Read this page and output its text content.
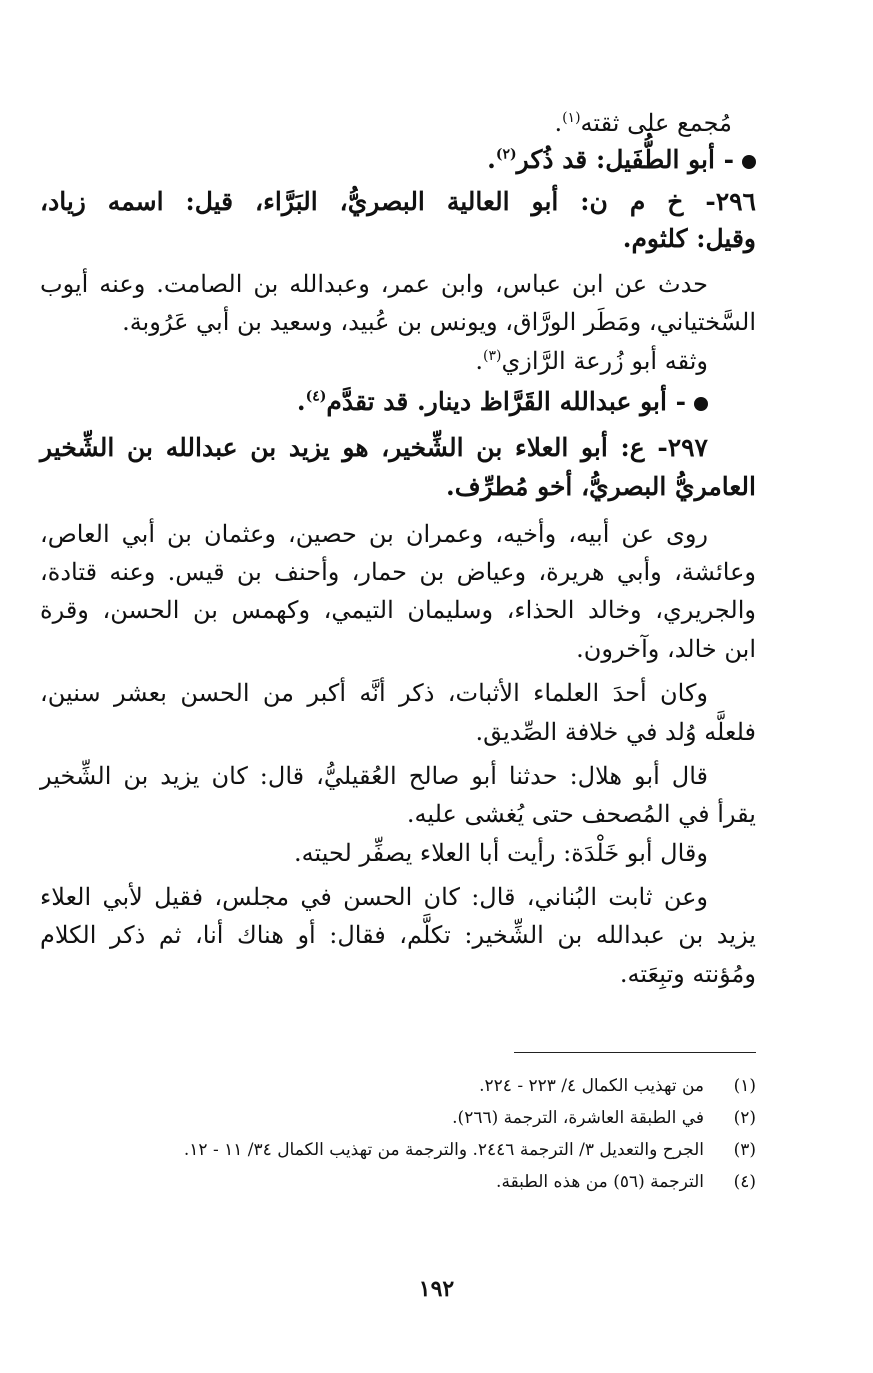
مُجمع على ثقته$^{(١)}$.

- أبو الطُّفَيل: قد ذُكر$^{(٢)}$.

٢٩٦- خ م ن: أبو العالية البصريُّ، البَرَّاء، قيل: اسمه زياد،

وقيل: كلثوم.

حدث عن ابن عباس، وابن عمر، وعبدالله بن الصامت. وعنه أيوب

السَّختياني، ومَطَر الورَّاق، ويونس بن عُبيد، وسعيد بن أبي عَرُوبة.

وثقه أبو زُرعة الرَّازي$^{(٣)}$.

- أبو عبدالله القَرَّاظ دينار. قد تقدَّم$^{(٤)}$.

٢٩٧- ع: أبو العلاء بن الشِّخير، هو يزيد بن عبدالله بن الشِّخير

العامريُّ البصريُّ، أخو مُطرِّف.

روى عن أبيه، وأخيه، وعمران بن حصين، وعثمان بن أبي العاص،

وعائشة، وأبي هريرة، وعياض بن حمار، وأحنف بن قيس. وعنه قتادة،

والجريري، وخالد الحذاء، وسليمان التيمي، وكهمس بن الحسن، وقرة

ابن خالد، وآخرون.

وكان أحدَ العلماء الأثبات، ذكر أنَّه أكبر من الحسن بعشر سنين،

فلعلَّه وُلد في خلافة الصِّديق.

قال أبو هلال: حدثنا أبو صالح العُقيليُّ، قال: كان يزيد بن الشِّخير

يقرأ في المُصحف حتى يُغشى عليه.

وقال أبو خَلْدَة: رأيت أبا العلاء يصفِّر لحيته.

وعن ثابت البُناني، قال: كان الحسن في مجلس، فقيل لأبي العلاء

يزيد بن عبدالله بن الشِّخير: تكلَّم، فقال: أو هناك أنا، ثم ذكر الكلام

ومُؤنته وتبِعَته.

(١)من تهذيب الكمال ٤/ ٢٢٣ - ٢٢٤.

(٢)في الطبقة العاشرة، الترجمة (٢٦٦).

(٣)الجرح والتعديل ٣/ الترجمة ٢٤٤٦. والترجمة من تهذيب الكمال ٣٤/ ١١ - ١٢.

(٤)الترجمة (٥٦) من هذه الطبقة.

١٩٢
